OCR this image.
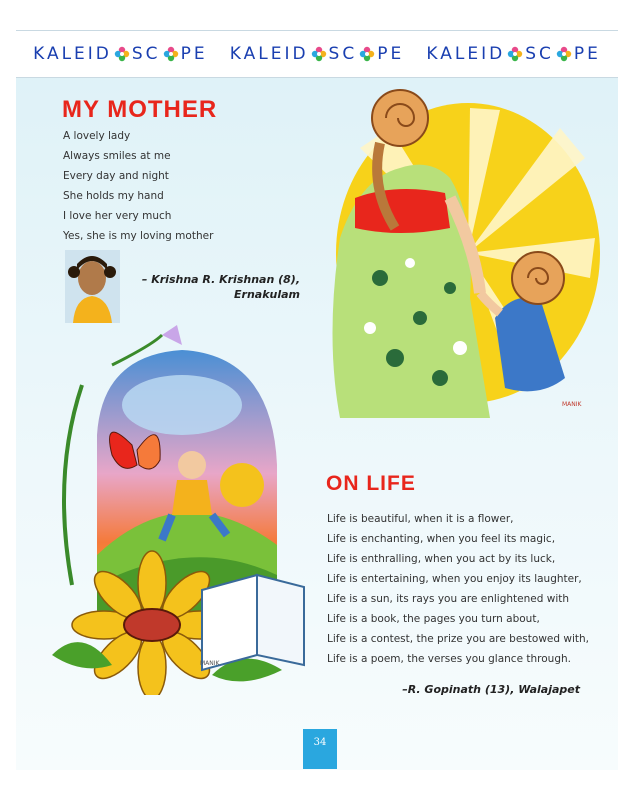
KALEID SC PE KALEID SC PE KALEID SC PE
MANIK
MANIK
MY MOTHER
A lovely lady
Always smiles at me
Every day and night
She holds my hand
I love her very much
Yes, she is my loving mother
– Krishna R. Krishnan (8),
Ernakulam
ON LIFE
Life is beautiful, when it is a flower,
Life is enchanting, when you feel its magic,
Life is enthralling, when you act by its luck,
Life is entertaining, when you enjoy its laughter,
Life is a sun, its rays you are enlightened with
Life is a book, the pages you turn about,
Life is a contest, the prize you are bestowed with,
Life is a poem, the verses you glance through.
–R. Gopinath (13), Walajapet
34
